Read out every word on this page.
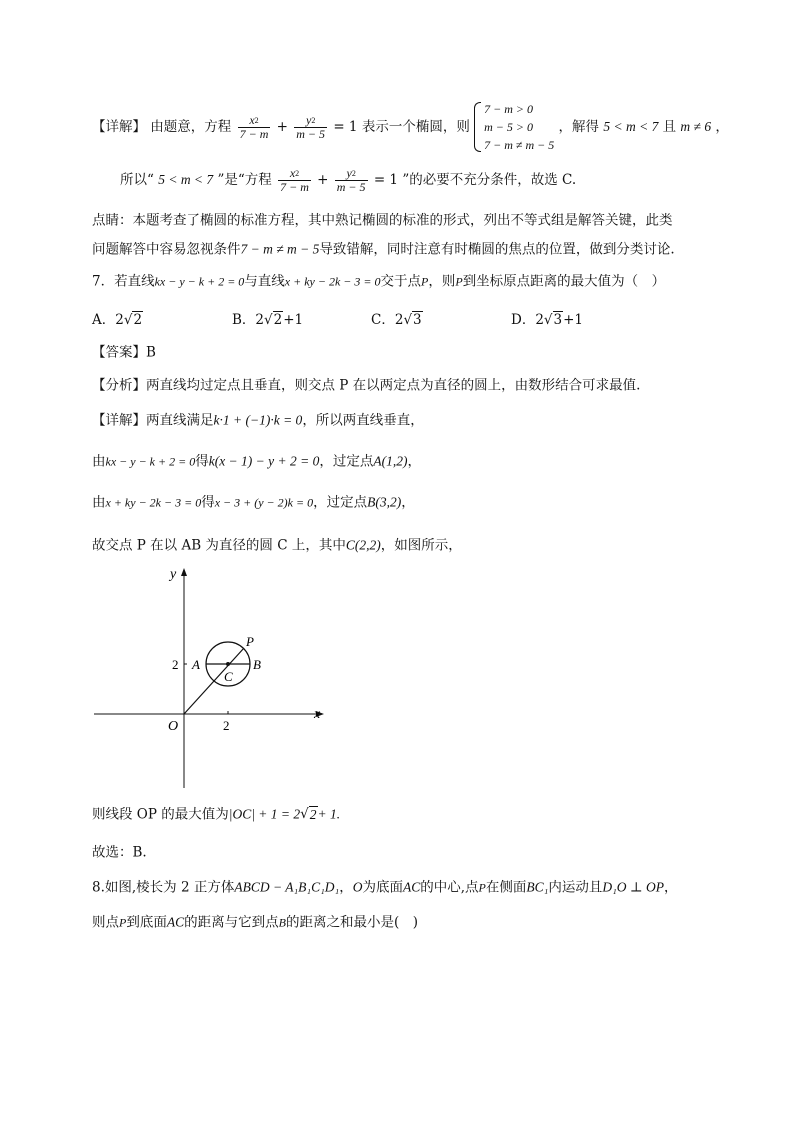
【详解】 由题意，方程 $\frac{x2}{7 - m} + \frac{y2}{m - 5} = 1$ 表示一个椭圆，则
7 − m > 0
m − 5 > 0
7 − m ≠ m − 5
，解得 5 < m < 7 且 m ≠ 6 ，
所以“ 5 < m < 7 ”是“方程 $\frac{x2}{7 - m} + \frac{y2}{m - 5} = 1$ ”的必要不充分条件，故选 C.
点睛：本题考查了椭圆的标准方程，其中熟记椭圆的标准的形式，列出不等式组是解答关键，此类
问题解答中容易忽视条件7 − m ≠ m − 5导致错解，同时注意有时椭圆的焦点的位置，做到分类讨论.
7．若直线kx − y − k + 2 = 0与直线x + ky − 2k − 3 = 0交于点P，则P到坐标原点距离的最大值为（　）
A．2√2	B．2√2+1	C．2√3	D．2√3+1
【答案】B
【分析】两直线均过定点且垂直，则交点 P 在以两定点为直径的圆上，由数形结合可求最值.
【详解】两直线满足k·1 + (−1)·k = 0，所以两直线垂直，
由kx − y − k + 2 = 0得k(x − 1) − y + 2 = 0，过定点A(1,2)，
由x + ky − 2k − 3 = 0得x − 3 + (y − 2)k = 0，过定点B(3,2)，
故交点 P 在以 AB 为直径的圆 C 上，其中C(2,2)，如图所示，
y
x
O
2
2
A	B
C
P
则线段 OP 的最大值为|OC| + 1 = 2√2+ 1.
故选：B.
8.如图,棱长为 2 正方体ABCD − A₁B₁C₁D₁，O为底面AC的中心,点P在侧面BC₁内运动且D₁O ⊥ OP，
则点P到底面AC的距离与它到点B的距离之和最小是(　)
